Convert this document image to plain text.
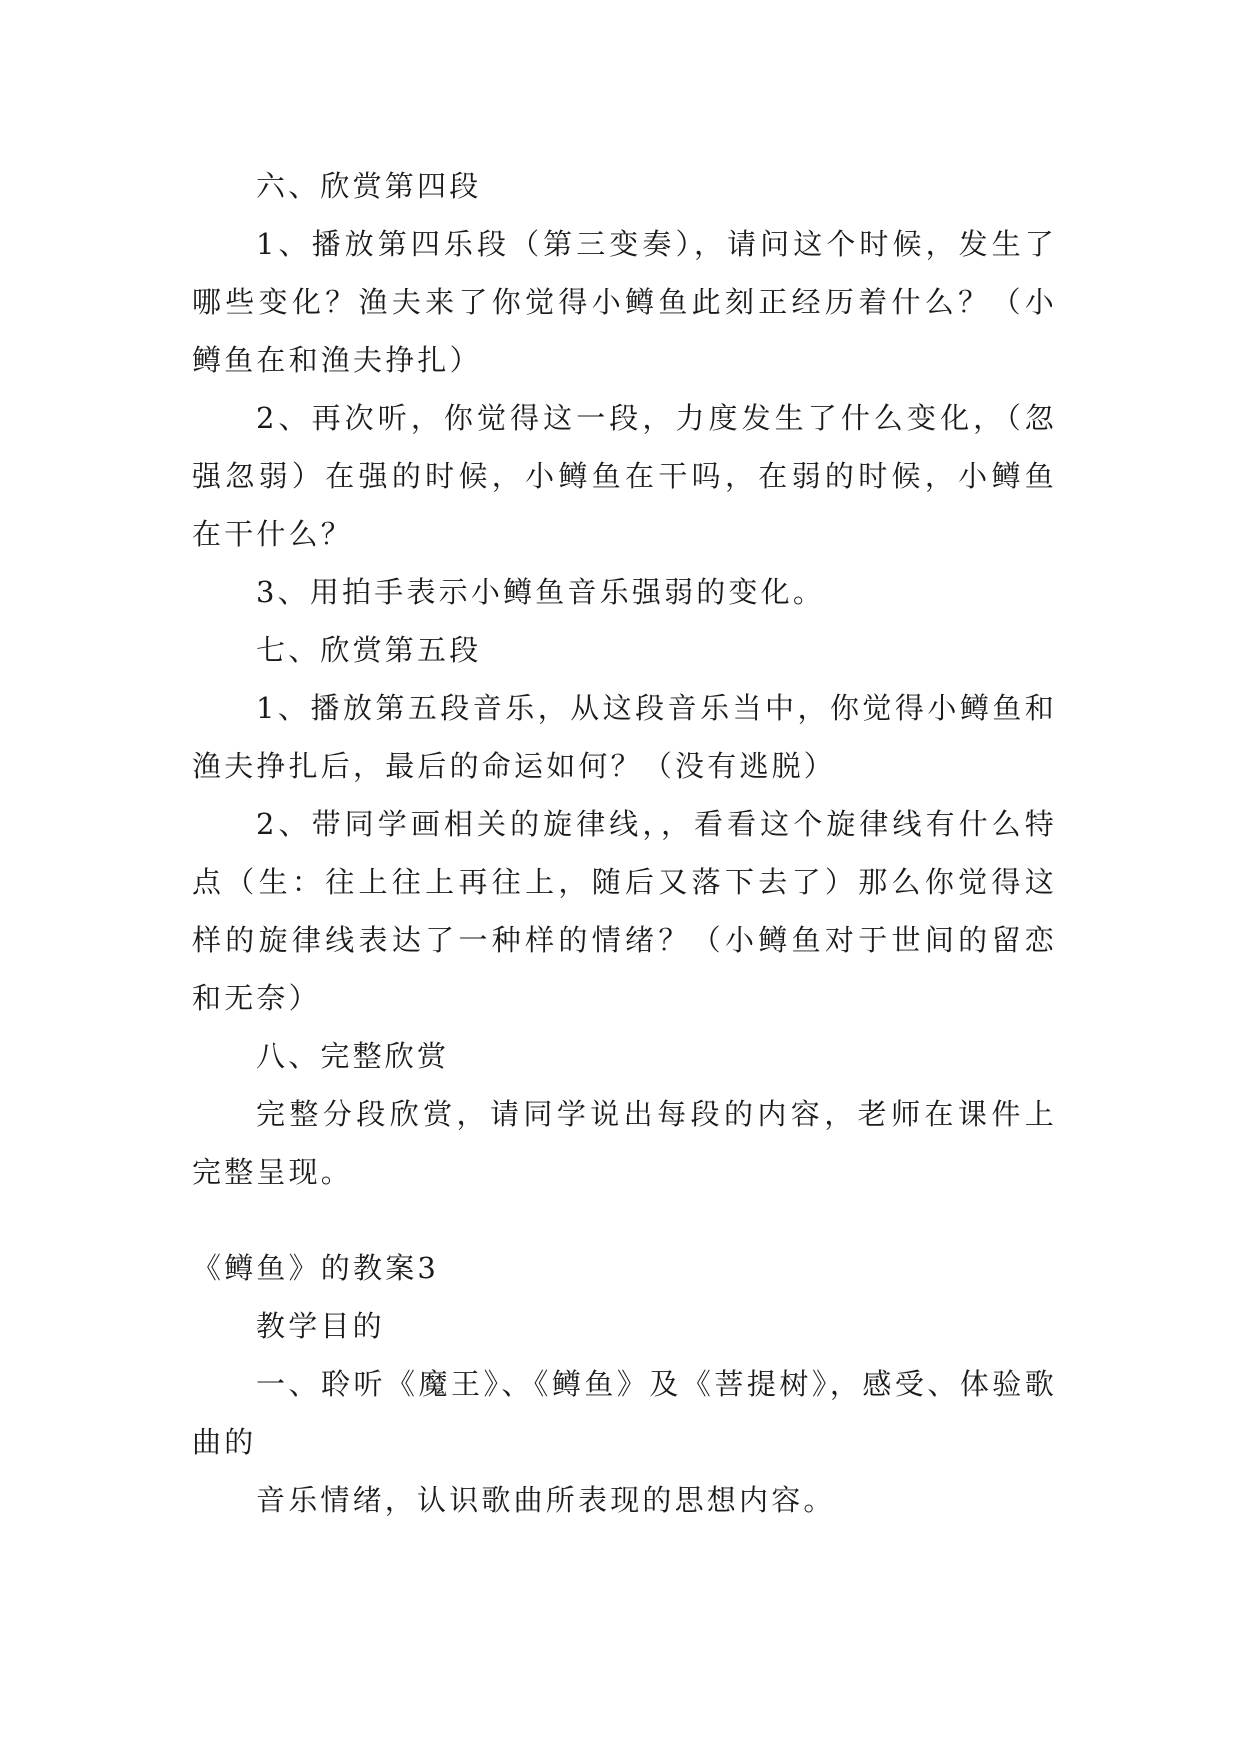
六、欣赏第四段

1、播放第四乐段（第三变奏），请问这个时候，发生了哪些变化？渔夫来了你觉得小鳟鱼此刻正经历着什么？（小鳟鱼在和渔夫挣扎）

2、再次听，你觉得这一段，力度发生了什么变化，（忽强忽弱）在强的时候，小鳟鱼在干吗，在弱的时候，小鳟鱼在干什么？

3、用拍手表示小鳟鱼音乐强弱的变化。

七、欣赏第五段

1、播放第五段音乐，从这段音乐当中，你觉得小鳟鱼和渔夫挣扎后，最后的命运如何？（没有逃脱）

2、带同学画相关的旋律线，，看看这个旋律线有什么特点（生：往上往上再往上，随后又落下去了）那么你觉得这样的旋律线表达了一种样的情绪？（小鳟鱼对于世间的留恋和无奈）

八、完整欣赏

完整分段欣赏，请同学说出每段的内容，老师在课件上完整呈现。

《鳟鱼》的教案3

教学目的

一、聆听《魔王》、《鳟鱼》及《菩提树》，感受、体验歌曲的

音乐情绪，认识歌曲所表现的思想内容。
